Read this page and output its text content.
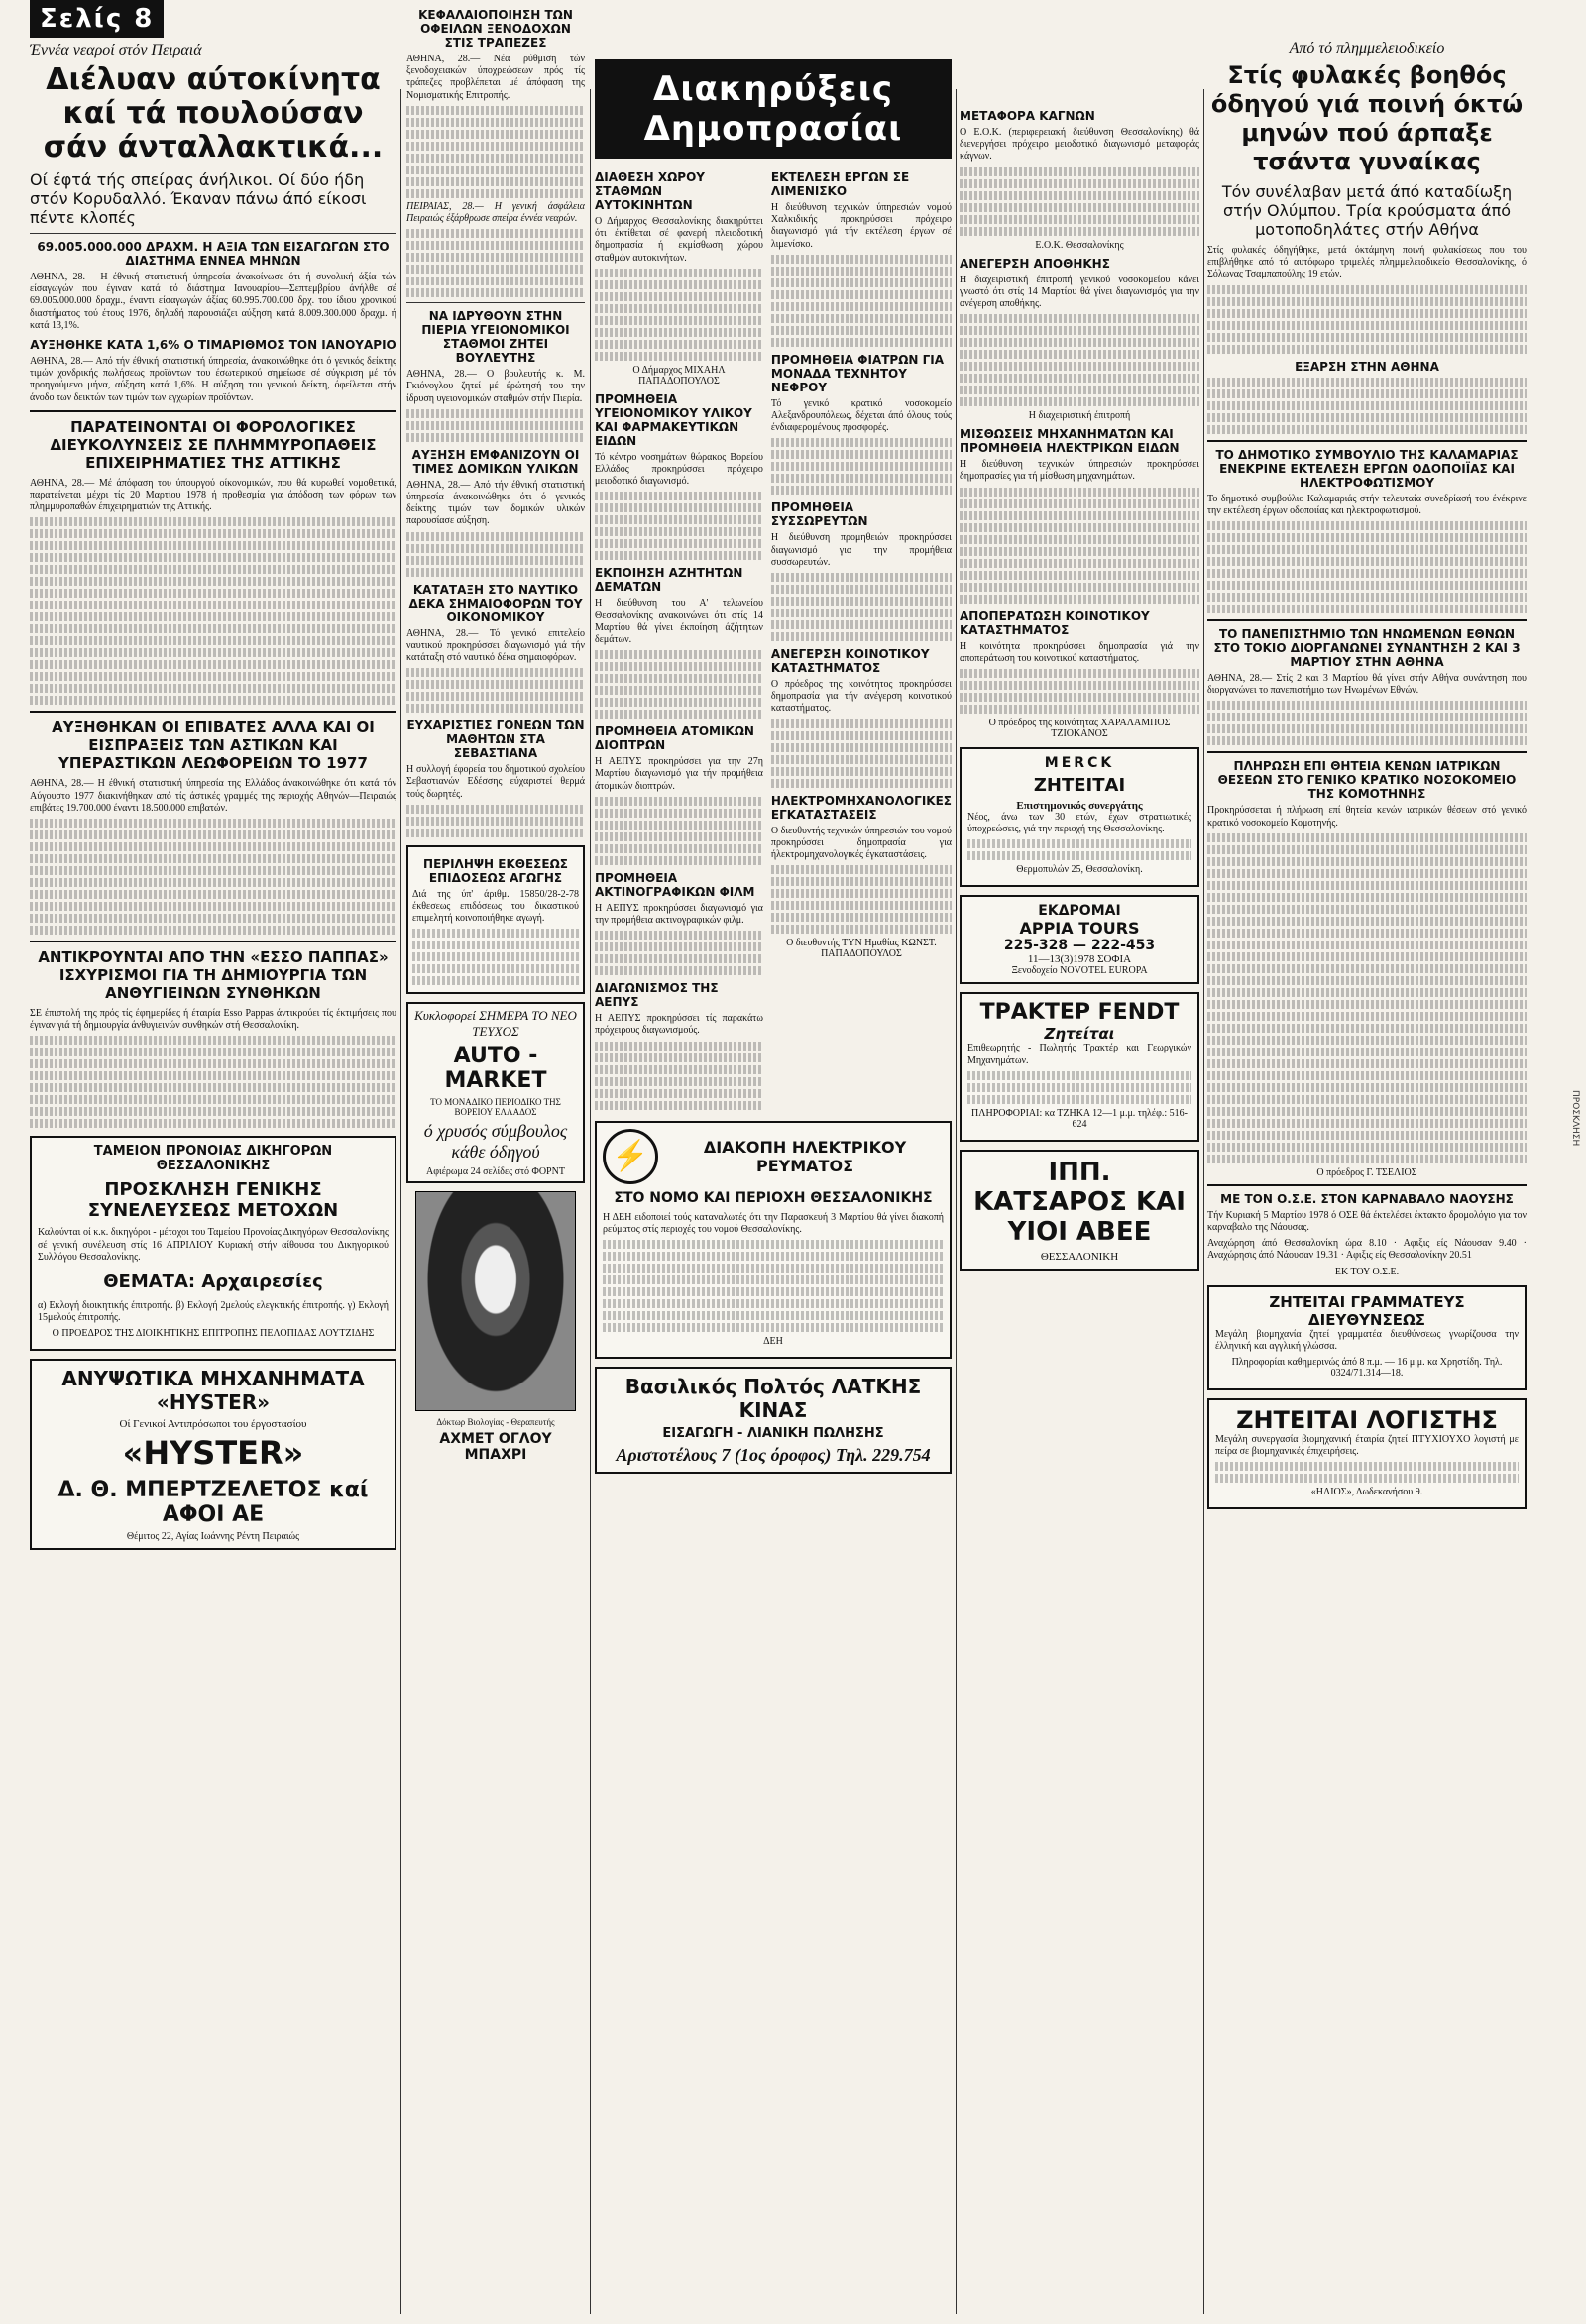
Σελίς 8
Έννέα νεαροί στόν Πειραιά
Διέλυαν αύτοκίνητα καί τά πουλούσαν σάν άνταλλακτικά...
Οί έφτά τής σπείρας άνήλικοι. Οί δύο ήδη στόν Κορυδαλλό. Έκαναν πάνω άπό είκοσι πέντε κλοπές
69.005.000.000 ΔΡΑΧΜ. Η ΑΞΙΑ ΤΩΝ ΕΙΣΑΓΩΓΩΝ ΣΤΟ ΔΙΑΣΤΗΜΑ ΕΝΝΕΑ ΜΗΝΩΝ

ΑΘΗΝΑ, 28.— Η έθνική στατιστική ύπηρεσία άνακοίνωσε ότι ή συνολική άξία τών είσαγωγών που έγιναν κατά τό διάστημα Ιανουαρίου—Σεπτεμβρίου άνήλθε σέ 69.005.000.000 δραχμ., έναντι είσαγωγών άξίας 60.995.700.000 δρχ. του ίδιου χρονικού διαστήματος τού έτους 1976, δηλαδή παρουσιάζει αύξηση κατά 8.009.300.000 δραχμ. ή κατά 13,1%.

ΑΥΞΗΘΗΚΕ ΚΑΤΑ 1,6% Ο ΤΙΜΑΡΙΘΜΟΣ ΤΟΝ ΙΑΝΟΥΑΡΙΟ

ΑΘΗΝΑ, 28.— Από τήν έθνική στατιστική ύπηρεσία, άνακοινώθηκε ότι ό γενικός δείκτης τιμών χονδρικής πωλήσεως προϊόντων του έσωτερικού σημείωσε σέ σύγκριση μέ τόν προηγούμενο μήνα, αύξηση κατά 1,6%. Η αύξηση του γενικού δείκτη, όφείλεται στήν άνοδο των δεικτών των τιμών των εγχωρίων προϊόντων.

ΠΑΡΑΤΕΙΝΟΝΤΑΙ ΟΙ ΦΟΡΟΛΟΓΙΚΕΣ ΔΙΕΥΚΟΛΥΝΣΕΙΣ ΣΕ ΠΛΗΜΜΥΡΟΠΑΘΕΙΣ ΕΠΙΧΕΙΡΗΜΑΤΙΕΣ ΤΗΣ ΑΤΤΙΚΗΣ

ΑΘΗΝΑ, 28.— Μέ άπόφαση του ύπουργού οίκονομικών, που θά κυρωθεί νομοθετικά, παρατείνεται μέχρι τίς 20 Μαρτίου 1978 ή προθεσμία για άπόδοση των φόρων των πλημμυροπαθών έπιχειρηματιών της Αττικής.

ΑΥΞΗΘΗΚΑΝ ΟΙ ΕΠΙΒΑΤΕΣ ΑΛΛΑ ΚΑΙ ΟΙ ΕΙΣΠΡΑΞΕΙΣ ΤΩΝ ΑΣΤΙΚΩΝ ΚΑΙ ΥΠΕΡΑΣΤΙΚΩΝ ΛΕΩΦΟΡΕΙΩΝ ΤΟ 1977

ΑΘΗΝΑ, 28.— Η έθνική στατιστική ύπηρεσία της Ελλάδος άνακοινώθηκε ότι κατά τόν Αύγουστο 1977 διακινήθηκαν από τίς άστικές γραμμές της περιοχής Αθηνών—Πειραιώς επιβάτες 19.700.000 έναντι 18.500.000 επιβατών.

ΑΝΤΙΚΡΟΥΝΤΑΙ ΑΠΟ ΤΗΝ «ΕΣΣΟ ΠΑΠΠΑΣ» ΙΣΧΥΡΙΣΜΟΙ ΓΙΑ ΤΗ ΔΗΜΙΟΥΡΓΙΑ ΤΩΝ ΑΝΘΥΓΙΕΙΝΩΝ ΣΥΝΘΗΚΩΝ

ΣΕ έπιστολή της πρός τίς έφημερίδες ή έταιρία Esso Pappas άντικρούει τίς έκτιμήσεις που έγιναν γιά τή δημιουργία άνθυγιεινών συνθηκών στή Θεσσαλονίκη.

ΤΑΜΕΙΟΝ ΠΡΟΝΟΙΑΣ ΔΙΚΗΓΟΡΩΝ ΘΕΣΣΑΛΟΝΙΚΗΣ
ΠΡΟΣΚΛΗΣΗ ΓΕΝΙΚΗΣ ΣΥΝΕΛΕΥΣΕΩΣ ΜΕΤΟΧΩΝ

Καλούνται οί κ.κ. δικηγόροι - μέτοχοι του Ταμείου Προνοίας Δικηγόρων Θεσσαλονίκης σέ γενική συνέλευση στίς 16 ΑΠΡΙΛΙΟΥ Κυριακή στήν αίθουσα του Δικηγορικού Συλλόγου Θεσσαλονίκης.

ΘΕΜΑΤΑ: Αρχαιρεσίες

α) Εκλογή διοικητικής έπιτροπής. β) Εκλογή 2μελούς ελεγκτικής έπιτροπής. γ) Εκλογή 15μελούς έπιτροπής.

Ο ΠΡΟΕΔΡΟΣ ΤΗΣ ΔΙΟΙΚΗΤΙΚΗΣ ΕΠΙΤΡΟΠΗΣ ΠΕΛΟΠΙΔΑΣ ΛΟΥΤΖΙΔΗΣ
ΑΝΥΨΩΤΙΚΑ ΜΗΧΑΝΗΜΑΤΑ «HYSTER»
Οί Γενικοί Αντιπρόσωποι του έργοστασίου
«HYSTER»
Δ. Θ. ΜΠΕΡΤΖΕΛΕΤΟΣ καί ΑΦΟΙ ΑΕ
Θέμιτος 22, Αγίας Ιωάννης Ρέντη Πειραιώς
ΚΕΦΑΛΑΙΟΠΟΙΗΣΗ ΤΩΝ ΟΦΕΙΛΩΝ ΞΕΝΟΔΟΧΩΝ ΣΤΙΣ ΤΡΑΠΕΖΕΣ

ΑΘΗΝΑ, 28.— Νέα ρύθμιση τών ξενοδοχειακών ύποχρεώσεων πρός τίς τράπεζες προβλέπεται μέ άπόφαση της Νομισματικής Επιτροπής.

ΠΕΙΡΑΙΑΣ, 28.— Η γενική άσφάλεια Πειραιώς έξάρθρωσε σπείρα έννέα νεαρών.

ΝΑ ΙΔΡΥΘΟΥΝ ΣΤΗΝ ΠΙΕΡΙΑ ΥΓΕΙΟΝΟΜΙΚΟΙ ΣΤΑΘΜΟΙ ΖΗΤΕΙ ΒΟΥΛΕΥΤΗΣ

ΑΘΗΝΑ, 28.— Ο βουλευτής κ. Μ. Γκιόνογλου ζητεί μέ έρώτησή του την ίδρυση υγειονομικών σταθμών στήν Πιερία.

ΑΥΞΗΣΗ ΕΜΦΑΝΙΖΟΥΝ ΟΙ ΤΙΜΕΣ ΔΟΜΙΚΩΝ ΥΛΙΚΩΝ

ΑΘΗΝΑ, 28.— Από τήν έθνική στατιστική ύπηρεσία άνακοινώθηκε ότι ό γενικός δείκτης τιμών των δομικών υλικών παρουσίασε αύξηση.

ΚΑΤΑΤΑΞΗ ΣΤΟ ΝΑΥΤΙΚΟ ΔΕΚΑ ΣΗΜΑΙΟΦΟΡΩΝ ΤΟΥ ΟΙΚΟΝΟΜΙΚΟΥ

ΑΘΗΝΑ, 28.— Τό γενικό επιτελείο ναυτικού προκηρύσσει διαγωνισμό γιά τήν κατάταξη στό ναυτικό δέκα σημαιοφόρων.

ΕΥΧΑΡΙΣΤΙΕΣ ΓΟΝΕΩΝ ΤΩΝ ΜΑΘΗΤΩΝ ΣΤΑ ΣΕΒΑΣΤΙΑΝΑ

Η συλλογή έφορεία του δημοτικού σχολείου Σεβαστιανών Εδέσσης εύχαριστεί θερμά τούς δωρητές.

ΠΕΡΙΛΗΨΗ ΕΚΘΕΣΕΩΣ ΕΠΙΔΟΣΕΩΣ ΑΓΩΓΗΣ

Διά της ύπ' άριθμ. 15850/28-2-78 έκθεσεως επιδόσεως του δικαστικού επιμελητή κοινοποιήθηκε αγωγή.

Κυκλοφορεί ΣΗΜΕΡΑ ΤΟ ΝΕΟ ΤΕΥΧΟΣ
AUTO - MARKET
ΤΟ ΜΟΝΑΔΙΚΟ ΠΕΡΙΟΔΙΚΟ ΤΗΣ ΒΟΡΕΙΟΥ ΕΛΛΑΔΟΣ
ό χρυσός σύμβουλος κάθε όδηγού
Αφιέρωμα 24 σελίδες στό ΦΟΡΝΤ
Δόκτωρ Βιολογίας - Θεραπευτής
ΑΧΜΕΤ ΟΓΛΟΥ ΜΠΑΧΡΙ
Διακηρύξεις Δημοπρασίαι
ΔΙΑΘΕΣΗ ΧΩΡΟΥ ΣΤΑΘΜΩΝ ΑΥΤΟΚΙΝΗΤΩΝ

Ο Δήμαρχος Θεσσαλονίκης διακηρύττει ότι έκτίθεται σέ φανερή πλειοδοτική δημοπρασία ή εκμίσθωση χώρου σταθμών αυτοκινήτων.

Ο Δήμαρχος ΜΙΧΑΗΛ ΠΑΠΑΔΟΠΟΥΛΟΣ
ΠΡΟΜΗΘΕΙΑ ΥΓΕΙΟΝΟΜΙΚΟΥ ΥΛΙΚΟΥ ΚΑΙ ΦΑΡΜΑΚΕΥΤΙΚΩΝ ΕΙΔΩΝ

Τό κέντρο νοσημάτων θώρακος Βορείου Ελλάδος προκηρύσσει πρόχειρο μειοδοτικό διαγωνισμό.

ΕΚΠΟΙΗΣΗ ΑΖΗΤΗΤΩΝ ΔΕΜΑΤΩΝ

Η διεύθυνση του Α' τελωνείου Θεσσαλονίκης ανακοινώνει ότι στίς 14 Μαρτίου θά γίνει έκποίηση άζήτητων δεμάτων.

ΠΡΟΜΗΘΕΙΑ ΑΤΟΜΙΚΩΝ ΔΙΟΠΤΡΩΝ

Η ΑΕΠΥΣ προκηρύσσει για την 27η Μαρτίου διαγωνισμό για τήν προμήθεια άτομικών διοπτρών.

ΠΡΟΜΗΘΕΙΑ ΑΚΤΙΝΟΓΡΑΦΙΚΩΝ ΦΙΛΜ

Η ΑΕΠΥΣ προκηρύσσει διαγωνισμό για την προμήθεια ακτινογραφικών φιλμ.

ΔΙΑΓΩΝΙΣΜΟΣ ΤΗΣ ΑΕΠΥΣ

Η ΑΕΠΥΣ προκηρύσσει τίς παρακάτω πρόχειρους διαγωνισμούς.

ΕΚΤΕΛΕΣΗ ΕΡΓΩΝ ΣΕ ΛΙΜΕΝΙΣΚΟ

Η διεύθυνση τεχνικών ύπηρεσιών νομού Χαλκιδικής προκηρύσσει πρόχειρο διαγωνισμό γιά τήν εκτέλεση έργων σέ λιμενίσκο.

ΠΡΟΜΗΘΕΙΑ ΦΙΑΤΡΩΝ ΓΙΑ ΜΟΝΑΔΑ ΤΕΧΝΗΤΟΥ ΝΕΦΡΟΥ

Τό γενικό κρατικό νοσοκομείο Αλεξανδρουπόλεως, δέχεται άπό όλους τούς ένδιαφερομένους προσφορές.

ΠΡΟΜΗΘΕΙΑ ΣΥΣΣΩΡΕΥΤΩΝ

Η διεύθυνση προμηθειών προκηρύσσει διαγωνισμό για την προμήθεια συσσωρευτών.

ΑΝΕΓΕΡΣΗ ΚΟΙΝΟΤΙΚΟΥ ΚΑΤΑΣΤΗΜΑΤΟΣ

Ο πρόεδρος της κοινότητος προκηρύσσει δημοπρασία για τήν ανέγερση κοινοτικού καταστήματος.

ΗΛΕΚΤΡΟΜΗΧΑΝΟΛΟΓΙΚΕΣ ΕΓΚΑΤΑΣΤΑΣΕΙΣ

Ο διευθυντής τεχνικών ύπηρεσιών του νομού προκηρύσσει δημοπρασία για ήλεκτρομηχανολογικές έγκαταστάσεις.

Ο διευθυντής ΤΥΝ Ημαθίας ΚΩΝΣΤ. ΠΑΠΑΔΟΠΟΥΛΟΣ
⚡	ΔΙΑΚΟΠΗ ΗΛΕΚΤΡΙΚΟΥ ΡΕΥΜΑΤΟΣ
ΣΤΟ ΝΟΜΟ ΚΑΙ ΠΕΡΙΟΧΗ ΘΕΣΣΑΛΟΝΙΚΗΣ

Η ΔΕΗ ειδοποιεί τούς καταναλωτές ότι την Παρασκευή 3 Μαρτίου θά γίνει διακοπή ρεύματος στίς περιοχές του νομού Θεσσαλονίκης.

ΔΕΗ
Βασιλικός Πολτός ΛΑΤΚΗΣ ΚΙΝΑΣ
ΕΙΣΑΓΩΓΗ - ΛΙΑΝΙΚΗ ΠΩΛΗΣΗΣ
Αριστοτέλους 7 (1ος όροφος) Τηλ. 229.754
ΜΕΤΑΦΟΡΑ ΚΑΓΝΩΝ

Ο Ε.Ο.Κ. (περιφερειακή διεύθυνση Θεσσαλονίκης) θά διενεργήσει πρόχειρο μειοδοτικό διαγωνισμό μεταφοράς κάγνων.

Ε.Ο.Κ. Θεσσαλονίκης
ΑΝΕΓΕΡΣΗ ΑΠΟΘΗΚΗΣ

Η διαχειριστική έπιτροπή γενικού νοσοκομείου κάνει γνωστό ότι στίς 14 Μαρτίου θά γίνει διαγωνισμός για την ανέγερση αποθήκης.

Η διαχειριστική έπιτροπή
ΜΙΣΘΩΣΕΙΣ ΜΗΧΑΝΗΜΑΤΩΝ ΚΑΙ ΠΡΟΜΗΘΕΙΑ ΗΛΕΚΤΡΙΚΩΝ ΕΙΔΩΝ

Η διεύθυνση τεχνικών ύπηρεσιών προκηρύσσει δημοπρασίες για τή μίσθωση μηχανημάτων.

ΑΠΟΠΕΡΑΤΩΣΗ ΚΟΙΝΟΤΙΚΟΥ ΚΑΤΑΣΤΗΜΑΤΟΣ

Η κοινότητα προκηρύσσει δημοπρασία γιά την αποπεράτωση του κοινοτικού καταστήματος.

Ο πρόεδρος της κοινότητας ΧΑΡΑΛΑΜΠΟΣ ΤΖΙΟΚΑΝΟΣ
MERCK
ΖΗΤΕΙΤΑΙ
Επιστημονικός συνεργάτης

Νέος, άνω των 30 ετών, έχων στρατιωτικές ύποχρεώσεις, γιά την περιοχή της Θεσσαλονίκης.

Θερμοπυλών 25, Θεσσαλονίκη.
ΕΚΔΡΟΜΑΙ
APPIA TOURS
225-328 — 222-453
11—13(3)1978 ΣΟΦΙΑ
Ξενοδοχείο NOVOTEL EUROPA
ΤΡΑΚΤΕΡ FENDT
Ζητείται

Επιθεωρητής - Πωλητής Τρακτέρ και Γεωργικών Μηχανημάτων.

ΠΛΗΡΟΦΟΡΙΑΙ: κα ΤΖΗΚΑ 12—1 μ.μ. τηλέφ.: 516-624
ΙΠΠ. ΚΑΤΣΑΡΟΣ ΚΑΙ ΥΙΟΙ ΑΒΕΕ
ΘΕΣΣΑΛΟΝΙΚΗ
Από τό πλημμελειοδικείο
Στίς φυλακές βοηθός όδηγού γιά ποινή όκτώ μηνών πού άρπαξε τσάντα γυναίκας
Τόν συνέλαβαν μετά άπό καταδίωξη στήν Ολύμπου. Τρία κρούσματα άπό μοτοποδηλάτες στήν Αθήνα

Στίς φυλακές όδηγήθηκε, μετά όκτάμηνη ποινή φυλακίσεως που του επιβλήθηκε από τό αυτόφωρο τριμελές πλημμελειοδικείο Θεσσαλονίκης, ό Σόλωνας Τσαμπαπούλης 19 ετών.

ΕΞΑΡΣΗ ΣΤΗΝ ΑΘΗΝΑ
ΤΟ ΔΗΜΟΤΙΚΟ ΣΥΜΒΟΥΛΙΟ ΤΗΣ ΚΑΛΑΜΑΡΙΑΣ ΕΝΕΚΡΙΝΕ ΕΚΤΕΛΕΣΗ ΕΡΓΩΝ ΟΔΟΠΟΙΪΑΣ ΚΑΙ ΗΛΕΚΤΡΟΦΩΤΙΣΜΟΥ

Το δημοτικό συμβούλιο Καλαμαριάς στήν τελευταία συνεδρίασή του ένέκρινε την εκτέλεση έργων οδοποιίας και ηλεκτροφωτισμού.

ΤΟ ΠΑΝΕΠΙΣΤΗΜΙΟ ΤΩΝ ΗΝΩΜΕΝΩΝ ΕΘΝΩΝ ΣΤΟ ΤΟΚΙΟ ΔΙΟΡΓΑΝΩΝΕΙ ΣΥΝΑΝΤΗΣΗ 2 ΚΑΙ 3 ΜΑΡΤΙΟΥ ΣΤΗΝ ΑΘΗΝΑ

ΑΘΗΝΑ, 28.— Στίς 2 και 3 Μαρτίου θά γίνει στήν Αθήνα συνάντηση που διοργανώνει το πανεπιστήμιο των Ηνωμένων Εθνών.

ΠΛΗΡΩΣΗ ΕΠΙ ΘΗΤΕΙΑ ΚΕΝΩΝ ΙΑΤΡΙΚΩΝ ΘΕΣΕΩΝ ΣΤΟ ΓΕΝΙΚΟ ΚΡΑΤΙΚΟ ΝΟΣΟΚΟΜΕΙΟ ΤΗΣ ΚΟΜΟΤΗΝΗΣ

Προκηρύσσεται ή πλήρωση επί θητεία κενών ιατρικών θέσεων στό γενικό κρατικό νοσοκομείο Κομοτηνής.

Ο πρόεδρος Γ. ΤΣΕΛΙΟΣ
ΜΕ ΤΟΝ Ο.Σ.Ε. ΣΤΟΝ ΚΑΡΝΑΒΑΛΟ ΝΑΟΥΣΗΣ

Τήν Κυριακή 5 Μαρτίου 1978 ό ΟΣΕ θά έκτελέσει έκτακτο δρομολόγιο για τον καρναβαλο της Νάουσας.

Αναχώρηση άπό Θεσσαλονίκη ώρα 8.10 · Αφιξις είς Νάουσαν 9.40 · Αναχώρησις άπό Νάουσαν 19.31 · Αφιξις είς Θεσσαλονίκην 20.51

ΕΚ ΤΟΥ Ο.Σ.Ε.
ΖΗΤΕΙΤΑΙ ΓΡΑΜΜΑΤΕΥΣ ΔΙΕΥΘΥΝΣΕΩΣ

Μεγάλη βιομηχανία ζητεί γραμματέα διευθύνσεως γνωρίζουσα την έλληνική και αγγλική γλώσσα.

Πληροφορίαι καθημερινώς άπό 8 π.μ. — 16 μ.μ. κα Χρηστίδη. Τηλ. 0324/71.314—18.
ΖΗΤΕΙΤΑΙ ΛΟΓΙΣΤΗΣ

Μεγάλη συνεργασία βιομηχανική έταιρία ζητεί ΠΤΥΧΙΟΥΧΟ λογιστή με πείρα σε βιομηχανικές έπιχειρήσεις.

«ΗΛΙΟΣ», Δωδεκανήσου 9.
ΠΡΟΣΚΛΗΣΗ
